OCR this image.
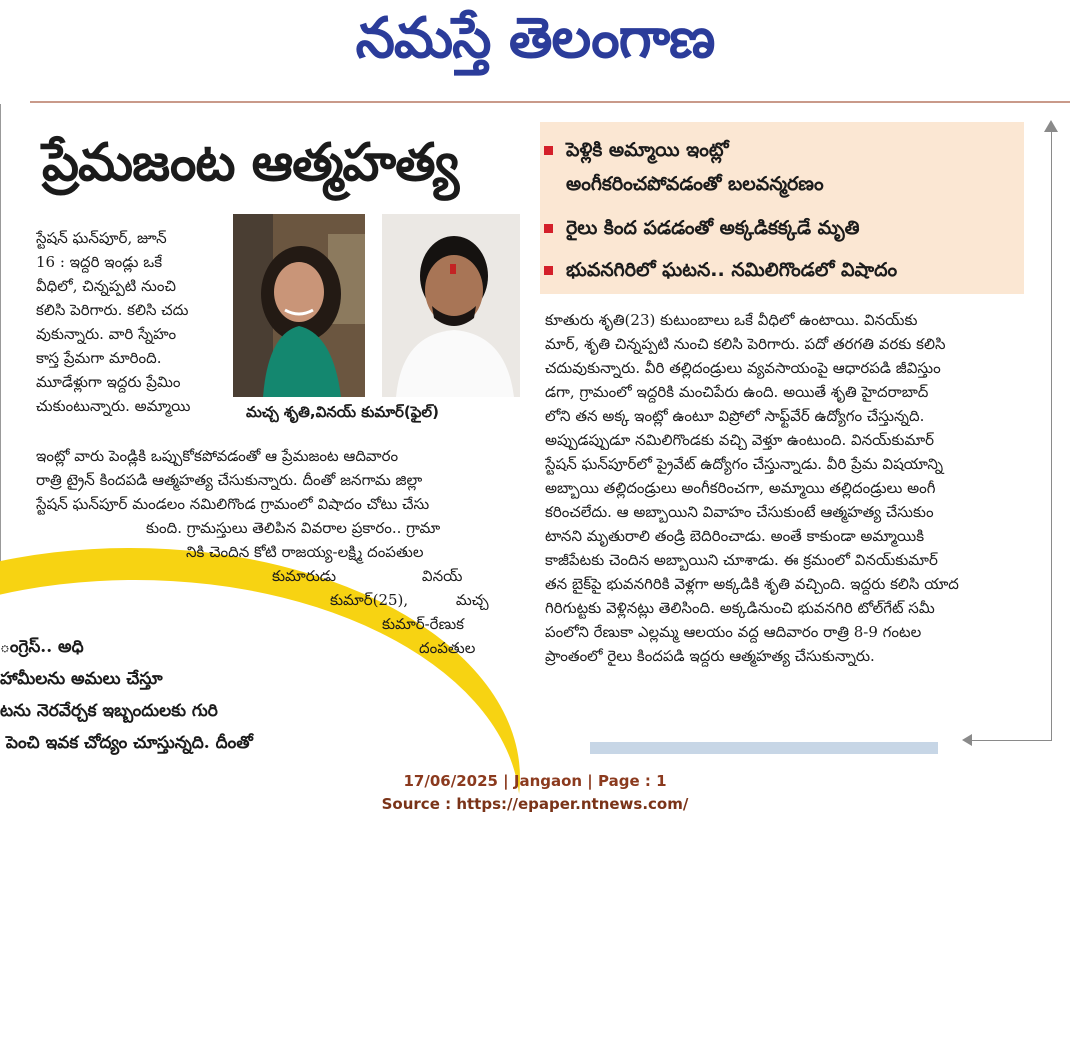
నమస్తే తెలంగాణ
ప్రేమజంట ఆత్మహత్య	పెళ్లికి అమ్మాయి ఇంట్లో
అంగీకరించపోవడంతో బలవన్మరణం
రైలు కింద పడడంతో అక్కడికక్కడే మృతి
భువనగిరిలో ఘటన.. నమిలిగొండలో విషాదం
మచ్చ శృతి,వినయ్ కుమార్(ఫైల్)
స్టేషన్ ఘన్‌పూర్, జూన్
16 : ఇద్దరి ఇండ్లు ఒకే
వీధిలో, చిన్నప్పటి నుంచి
కలిసి పెరిగారు. కలిసి చదు
వుకున్నారు. వారి స్నేహం
కాస్త ప్రేమగా మారింది.
మూడేళ్లుగా ఇద్దరు ప్రేమిం
చుకుంటున్నారు. అమ్మాయి
ఇంట్లో వారు పెండ్లికి ఒప్పుకోకపోవడంతో ఆ ప్రేమజంట ఆదివారం
రాత్రి ట్రైన్ కిందపడి ఆత్మహత్య చేసుకున్నారు. దీంతో జనగామ జిల్లా
స్టేషన్ ఘన్‌పూర్ మండలం నమిలిగొండ గ్రామంలో విషాదం చోటు చేసు
కుంది. గ్రామస్తులు తెలిపిన వివరాల ప్రకారం.. గ్రామా
నికి చెందిన కోటి రాజయ్య-లక్ష్మి దంపతుల
కుమారుడు                  వినయ్
కుమార్(25),          మచ్చ
కుమార్-రేణుక
దంపతుల
కూతురు శృతి(23) కుటుంబాలు ఒకే వీధిలో ఉంటాయి. వినయ్‌కు
మార్, శృతి చిన్నప్పటి నుంచి కలిసి పెరిగారు. పదో తరగతి వరకు కలిసి
చదువుకున్నారు. వీరి తల్లిదండ్రులు వ్యవసాయంపై ఆధారపడి జీవిస్తుం
డగా, గ్రామంలో ఇద్దరికి మంచిపేరు ఉంది. అయితే శృతి హైదరాబాద్
లోని తన అక్క ఇంట్లో ఉంటూ విప్రోలో సాఫ్ట్‌వేర్ ఉద్యోగం చేస్తున్నది.
అప్పుడప్పుడూ నమిలిగొండకు వచ్చి వెళ్తూ ఉంటుంది. వినయ్‌కుమార్
స్టేషన్ ఘన్‌పూర్‌లో ప్రైవేట్ ఉద్యోగం చేస్తున్నాడు. వీరి ప్రేమ విషయాన్ని
అబ్బాయి తల్లిదండ్రులు అంగీకరించగా, అమ్మాయి తల్లిదండ్రులు అంగీ
కరించలేదు. ఆ అబ్బాయిని వివాహం చేసుకుంటే ఆత్మహత్య చేసుకుం
టానని మృతురాలి తండ్రి బెదిరించాడు. అంతే కాకుండా అమ్మాయికి
కాజీపేటకు చెందిన అబ్బాయిని చూశాడు. ఈ క్రమంలో వినయ్‌కుమార్
తన బైక్‌పై భువనగిరికి వెళ్లగా అక్కడికి శృతి వచ్చింది. ఇద్దరు కలిసి యాద
గిరిగుట్టకు వెళ్లినట్లు తెలిసింది. అక్కడినుంచి భువనగిరి టోల్‌గేట్ సమీ
పంలోని రేణుకా ఎల్లమ్మ ఆలయం వద్ద ఆదివారం రాత్రి 8-9 గంటల
ప్రాంతంలో రైలు కిందపడి ఇద్దరు ఆత్మహత్య చేసుకున్నారు.
ంగ్రెస్.. అధి
హామీలను అమలు చేస్తూ
టను నెరవేర్చక ఇబ్బందులకు గురి
పెంచి ఇవక చోద్యం చూస్తున్నది. దీంతో
17/06/2025 | Jangaon | Page : 1
Source : https://epaper.ntnews.com/
